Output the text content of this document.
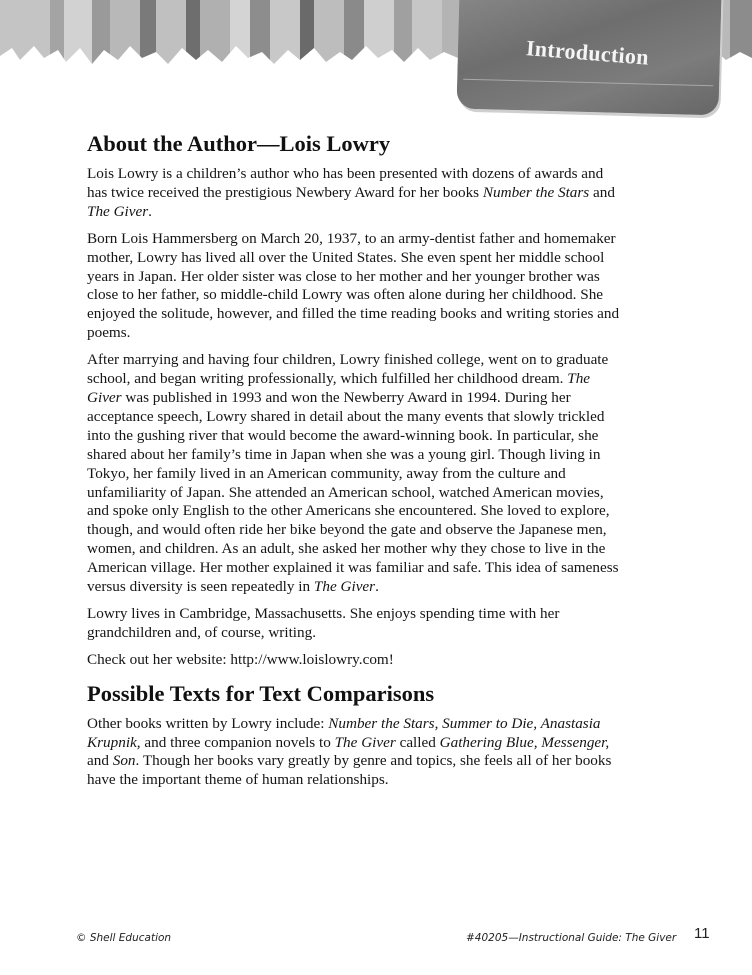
Introduction
About the Author—Lois Lowry

Lois Lowry is a children’s author who has been presented with dozens of awards and has twice received the prestigious Newbery Award for her books Number the Stars and The Giver.

Born Lois Hammersberg on March 20, 1937, to an army-dentist father and homemaker mother, Lowry has lived all over the United States. She even spent her middle school years in Japan. Her older sister was close to her mother and her younger brother was close to her father, so middle-child Lowry was often alone during her childhood. She enjoyed the solitude, however, and filled the time reading books and writing stories and poems.

After marrying and having four children, Lowry finished college, went on to graduate school, and began writing professionally, which fulfilled her childhood dream. The Giver was published in 1993 and won the Newberry Award in 1994. During her acceptance speech, Lowry shared in detail about the many events that slowly trickled into the gushing river that would become the award-winning book. In particular, she shared about her family’s time in Japan when she was a young girl. Though living in Tokyo, her family lived in an American community, away from the culture and unfamiliarity of Japan. She attended an American school, watched American movies, and spoke only English to the other Americans she encountered. She loved to explore, though, and would often ride her bike beyond the gate and observe the Japanese men, women, and children. As an adult, she asked her mother why they chose to live in the American village. Her mother explained it was familiar and safe. This idea of sameness versus diversity is seen repeatedly in The Giver.

Lowry lives in Cambridge, Massachusetts. She enjoys spending time with her grandchildren and, of course, writing.

Check out her website: http://www.loislowry.com!

Possible Texts for Text Comparisons

Other books written by Lowry include: Number the Stars, Summer to Die, Anastasia Krupnik, and three companion novels to The Giver called Gathering Blue, Messenger, and Son. Though her books vary greatly by genre and topics, she feels all of her books have the important theme of human relationships.

© Shell Education	#40205—Instructional Guide: The Giver 11
